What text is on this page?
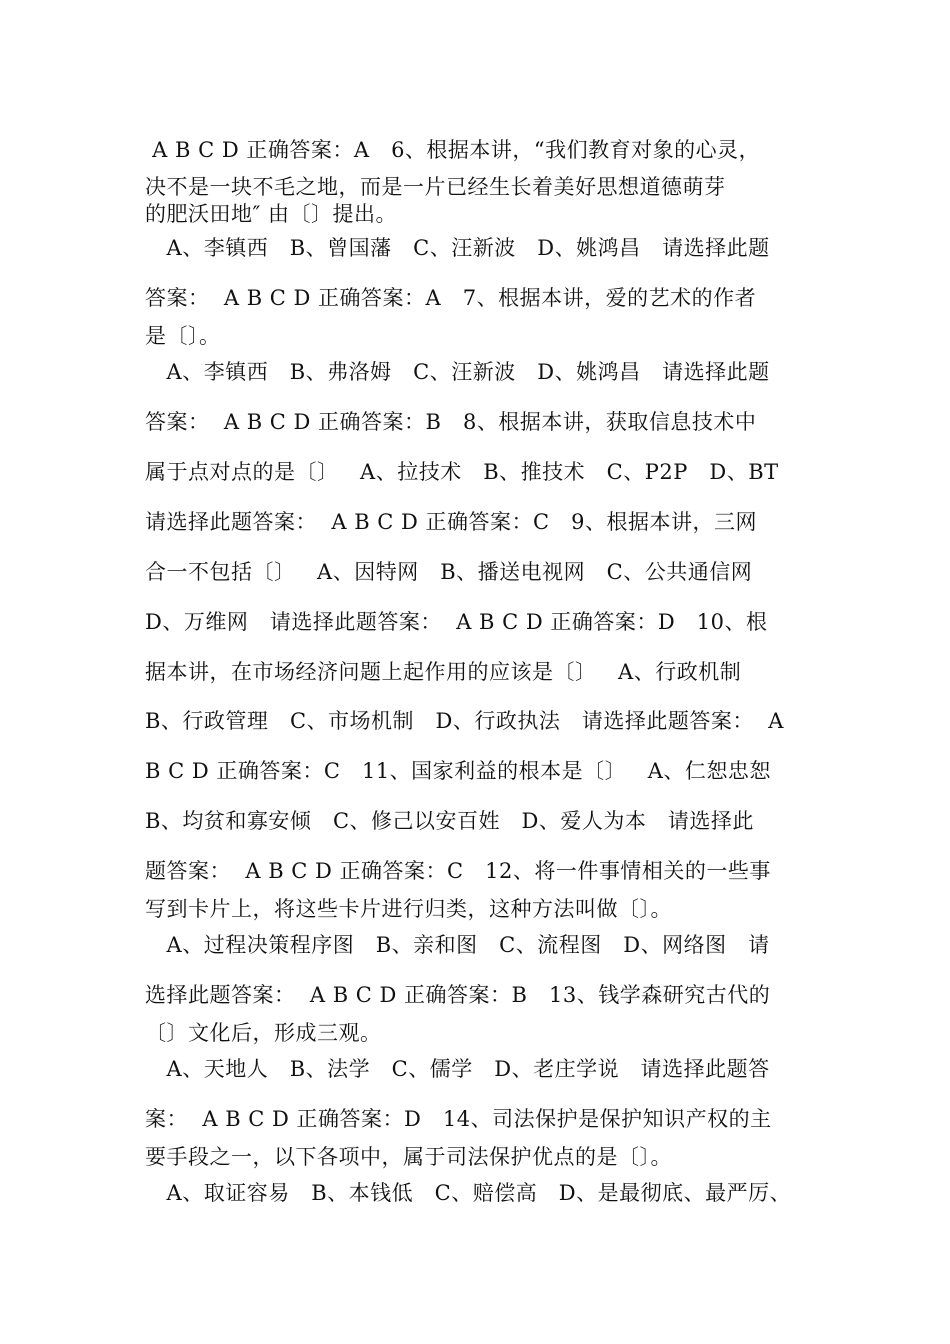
A B C D 正确答案：A   6、根据本讲，“我们教育对象的心灵，
决不是一块不毛之地，而是一片已经生长着美好思想道德萌芽
的肥沃田地″ 由〔〕提出。
A、李镇西   B、曾国藩   C、汪新波   D、姚鸿昌   请选择此题
答案：  A B C D 正确答案：A   7、根据本讲，爱的艺术的作者
是〔〕。
A、李镇西   B、弗洛姆   C、汪新波   D、姚鸿昌   请选择此题
答案：  A B C D 正确答案：B   8、根据本讲，获取信息技术中
属于点对点的是〔〕   A、拉技术   B、推技术   C、P2P   D、BT
请选择此题答案：  A B C D 正确答案：C   9、根据本讲，三网
合一不包括〔〕   A、因特网   B、播送电视网   C、公共通信网
D、万维网   请选择此题答案：  A B C D 正确答案：D   10、根
据本讲，在市场经济问题上起作用的应该是〔〕   A、行政机制
B、行政管理   C、市场机制   D、行政执法   请选择此题答案：  A
B C D 正确答案：C   11、国家利益的根本是〔〕   A、仁恕忠恕
B、均贫和寡安倾   C、修己以安百姓   D、爱人为本   请选择此
题答案：  A B C D 正确答案：C   12、将一件事情相关的一些事
写到卡片上，将这些卡片进行归类，这种方法叫做〔〕。
A、过程决策程序图   B、亲和图   C、流程图   D、网络图   请
选择此题答案：  A B C D 正确答案：B   13、钱学森研究古代的
〔〕文化后，形成三观。
A、天地人   B、法学   C、儒学   D、老庄学说   请选择此题答
案：  A B C D 正确答案：D   14、司法保护是保护知识产权的主
要手段之一，以下各项中，属于司法保护优点的是〔〕。
A、取证容易   B、本钱低   C、赔偿高   D、是最彻底、最严厉、
